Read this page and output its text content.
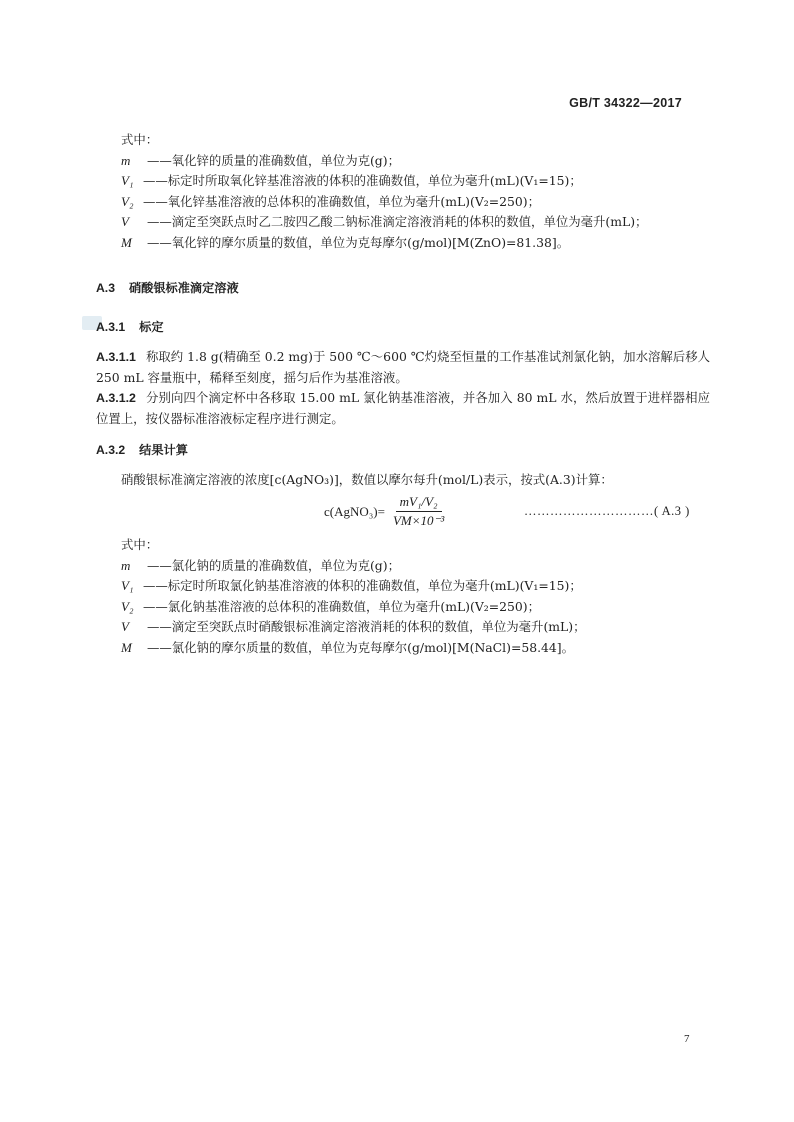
GB/T 34322—2017
式中：
m ——氧化锌的质量的准确数值，单位为克(g)；
V₁ ——标定时所取氧化锌基准溶液的体积的准确数值，单位为毫升(mL)(V₁=15)；
V₂ ——氧化锌基准溶液的总体积的准确数值，单位为毫升(mL)(V₂=250)；
V ——滴定至突跃点时乙二胺四乙酸二钠标准滴定溶液消耗的体积的数值，单位为毫升(mL)；
M ——氧化锌的摩尔质量的数值，单位为克每摩尔(g/mol)[M(ZnO)=81.38]。
A.3 硝酸银标准滴定溶液
A.3.1 标定
A.3.1.1 称取约 1.8 g(精确至 0.2 mg)于 500 ℃～600 ℃灼烧至恒量的工作基准试剂氯化钠，加水溶解后移人 250 mL 容量瓶中，稀释至刻度，摇匀后作为基准溶液。
A.3.1.2 分别向四个滴定杯中各移取 15.00 mL 氯化钠基准溶液，并各加入 80 mL 水，然后放置于进样器相应位置上，按仪器标准溶液标定程序进行测定。
A.3.2 结果计算
硝酸银标准滴定溶液的浓度[c(AgNO₃)]，数值以摩尔每升(mol/L)表示，按式(A.3)计算：
c(AgNO₃)= $\frac{\text{mV₁/V₂}}{\text{VM×10⁻³}}$	…………………………( A.3 )
式中：
m ——氯化钠的质量的准确数值，单位为克(g)；
V₁ ——标定时所取氯化钠基准溶液的体积的准确数值，单位为毫升(mL)(V₁=15)；
V₂ ——氯化钠基准溶液的总体积的准确数值，单位为毫升(mL)(V₂=250)；
V ——滴定至突跃点时硝酸银标准滴定溶液消耗的体积的数值，单位为毫升(mL)；
M ——氯化钠的摩尔质量的数值，单位为克每摩尔(g/mol)[M(NaCl)=58.44]。
7
